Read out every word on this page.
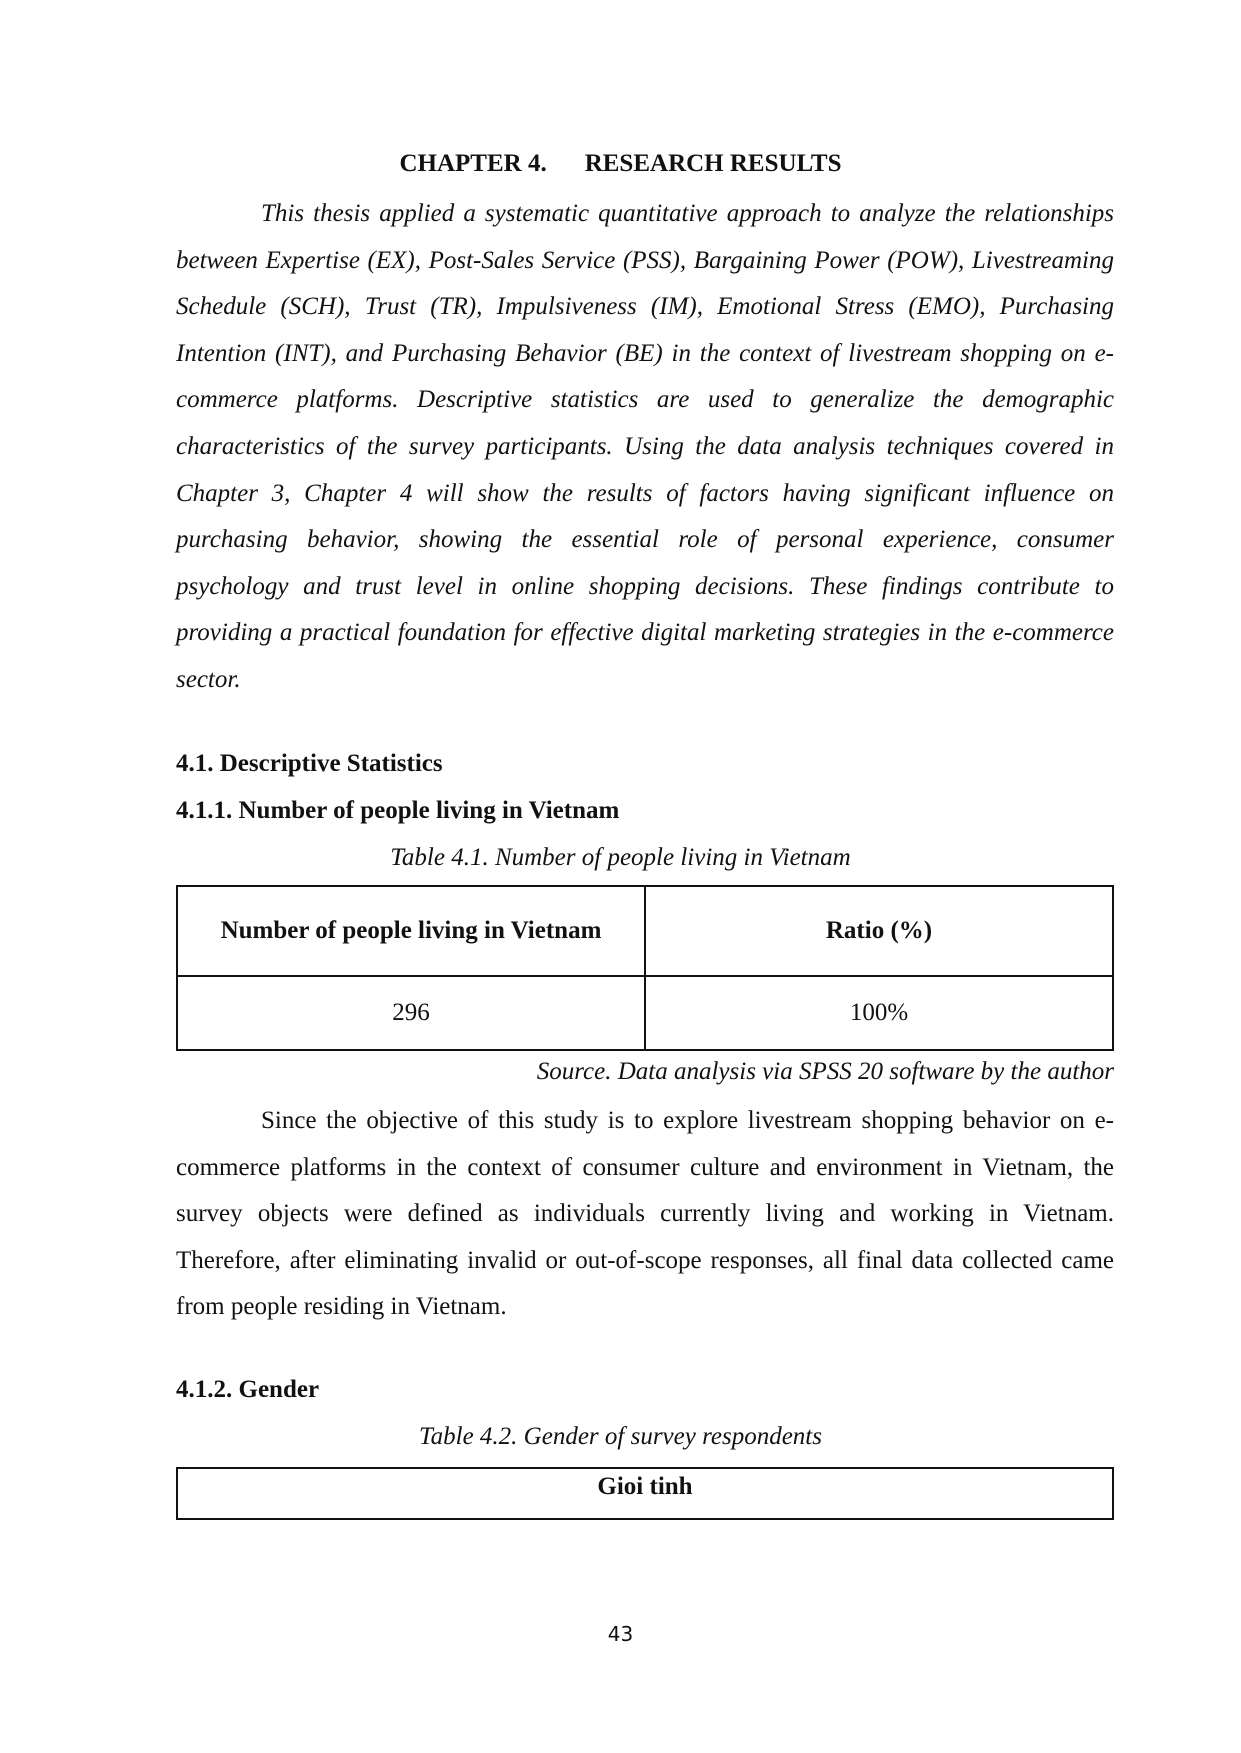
CHAPTER 4. RESEARCH RESULTS

This thesis applied a systematic quantitative approach to analyze the relationships between Expertise (EX), Post-Sales Service (PSS), Bargaining Power (POW), Livestreaming Schedule (SCH), Trust (TR), Impulsiveness (IM), Emotional Stress (EMO), Purchasing Intention (INT), and Purchasing Behavior (BE) in the context of livestream shopping on e-commerce platforms. Descriptive statistics are used to generalize the demographic characteristics of the survey participants. Using the data analysis techniques covered in Chapter 3, Chapter 4 will show the results of factors having significant influence on purchasing behavior, showing the essential role of personal experience, consumer psychology and trust level in online shopping decisions. These findings contribute to providing a practical foundation for effective digital marketing strategies in the e-commerce sector.

4.1. Descriptive Statistics
4.1.1. Number of people living in Vietnam

Table 4.1. Number of people living in Vietnam

Number of people living in Vietnam	Ratio (%)
296	100%

Source. Data analysis via SPSS 20 software by the author

Since the objective of this study is to explore livestream shopping behavior on e-commerce platforms in the context of consumer culture and environment in Vietnam, the survey objects were defined as individuals currently living and working in Vietnam. Therefore, after eliminating invalid or out-of-scope responses, all final data collected came from people residing in Vietnam.

4.1.2. Gender

Table 4.2. Gender of survey respondents

Gioi tinh

43
